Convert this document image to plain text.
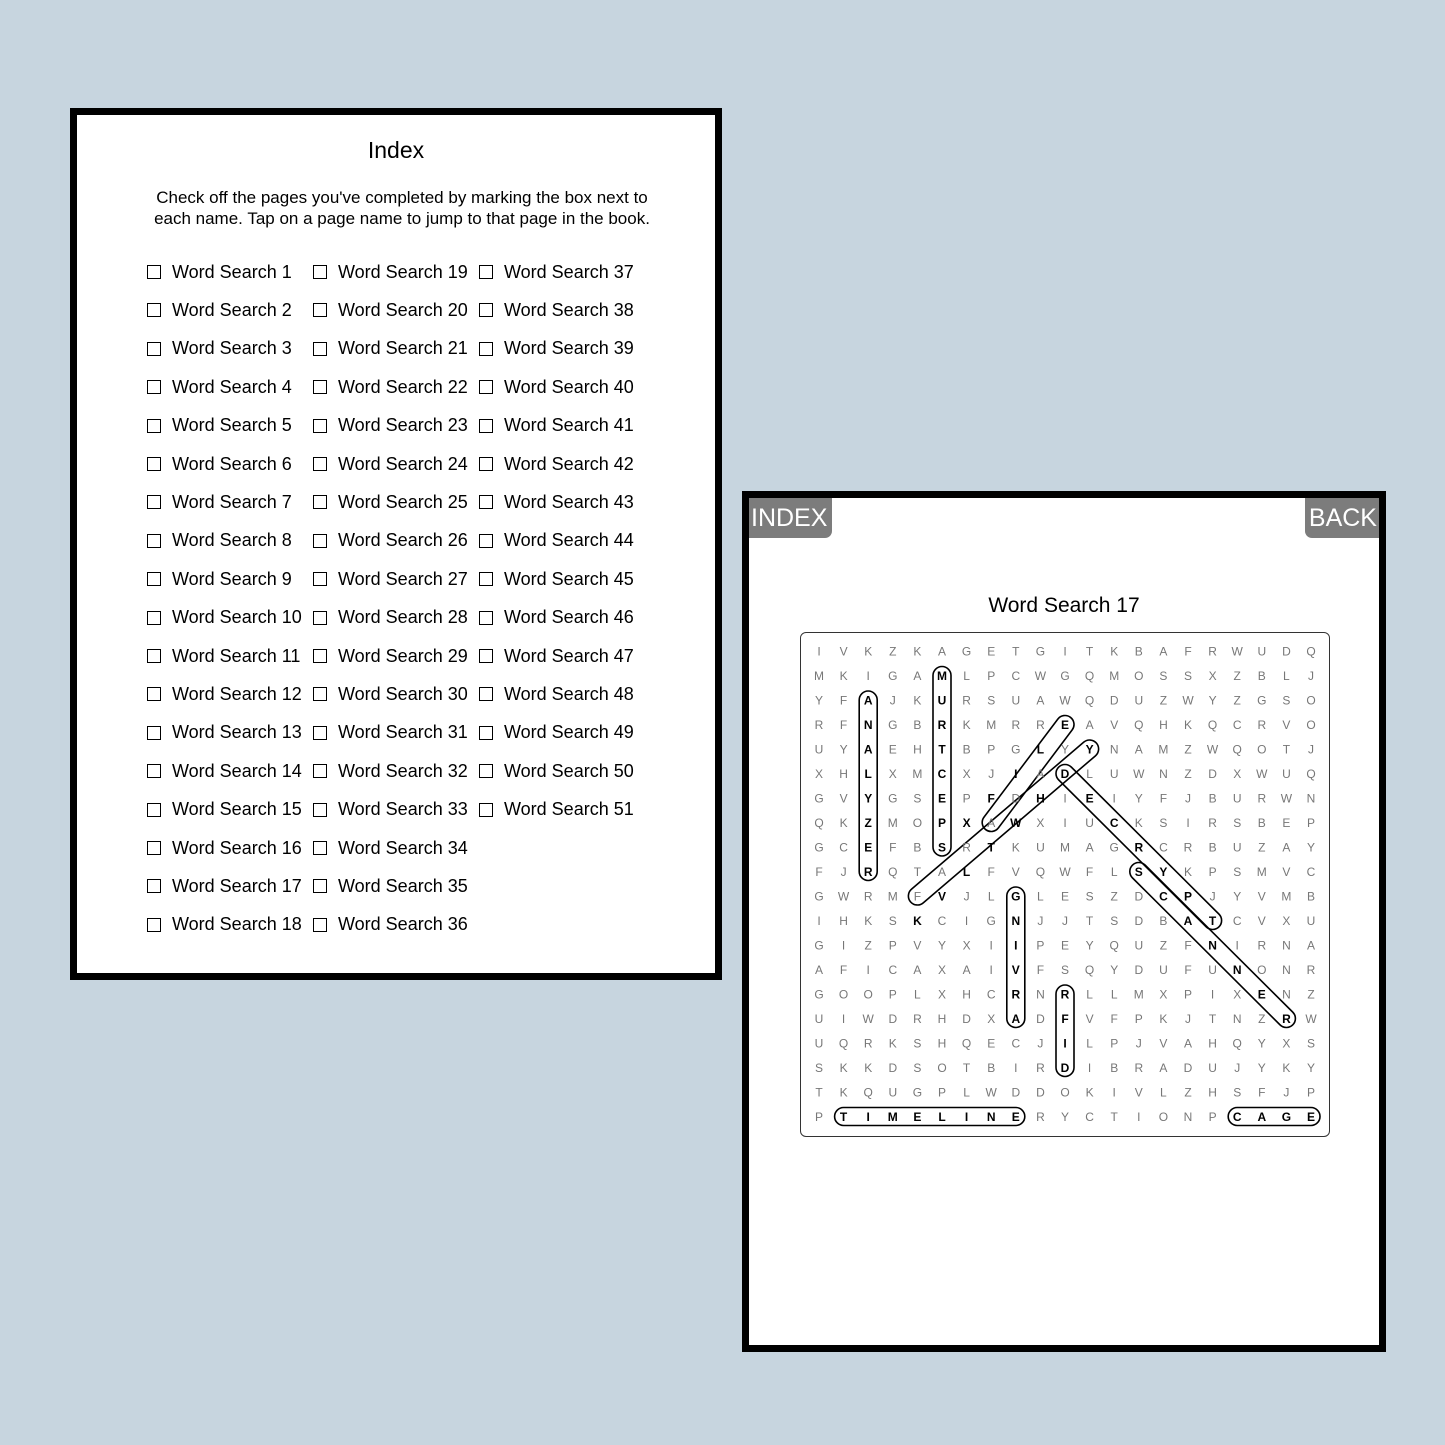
Index
Check off the pages you've completed by marking the box next to each name. Tap on a page name to jump to that page in the book.
Word Search 1
Word Search 2
Word Search 3
Word Search 4
Word Search 5
Word Search 6
Word Search 7
Word Search 8
Word Search 9
Word Search 10
Word Search 11
Word Search 12
Word Search 13
Word Search 14
Word Search 15
Word Search 16
Word Search 17
Word Search 18
Word Search 19
Word Search 20
Word Search 21
Word Search 22
Word Search 23
Word Search 24
Word Search 25
Word Search 26
Word Search 27
Word Search 28
Word Search 29
Word Search 30
Word Search 31
Word Search 32
Word Search 33
Word Search 34
Word Search 35
Word Search 36
Word Search 37
Word Search 38
Word Search 39
Word Search 40
Word Search 41
Word Search 42
Word Search 43
Word Search 44
Word Search 45
Word Search 46
Word Search 47
Word Search 48
Word Search 49
Word Search 50
Word Search 51
INDEX	BACK
Word Search 17
I V K Z K A G E T G I T K B A F R W U D Q
M K I G A M L P C W G Q M O S S X Z B L J
Y F A J K U R S U A W Q D U Z W Y Z G S O
R F N G B R K M R R E A V Q H K Q C R V O
U Y A E H T B P G L Y Y N A M Z W Q O T J
X H L X M C X J I A D L U W N Z D X W U Q
G V Y G S E P F D H I E I Y F J B U R W N
Q K Z M O P X A W X I U C K S I R S B E P
G C E F B S R T K U M A G R C R B U Z A Y
F J R Q T A L F V Q W F L S Y K P S M V C
G W R M F V J L G L E S Z D C P J Y V M B
I H K S K C I G N J J T S D B A T C V X U
G I Z P V Y X I I P E Y Q U Z F N I R N A
A F I C A X A I V F S Q Y D U F U N O N R
G O O P L X H C R N R L L M X P I X E N Z
U I W D R H D X A D F V F P K J T N Z R W
U Q R K S H Q E C J I L P J V A H Q Y X S
S K K D S O T B I R D I B R A D U J Y K Y
T K Q U G P L W D D O K I V L Z H S F J P
P T I M E L I N E R Y C T I O N P C A G E
